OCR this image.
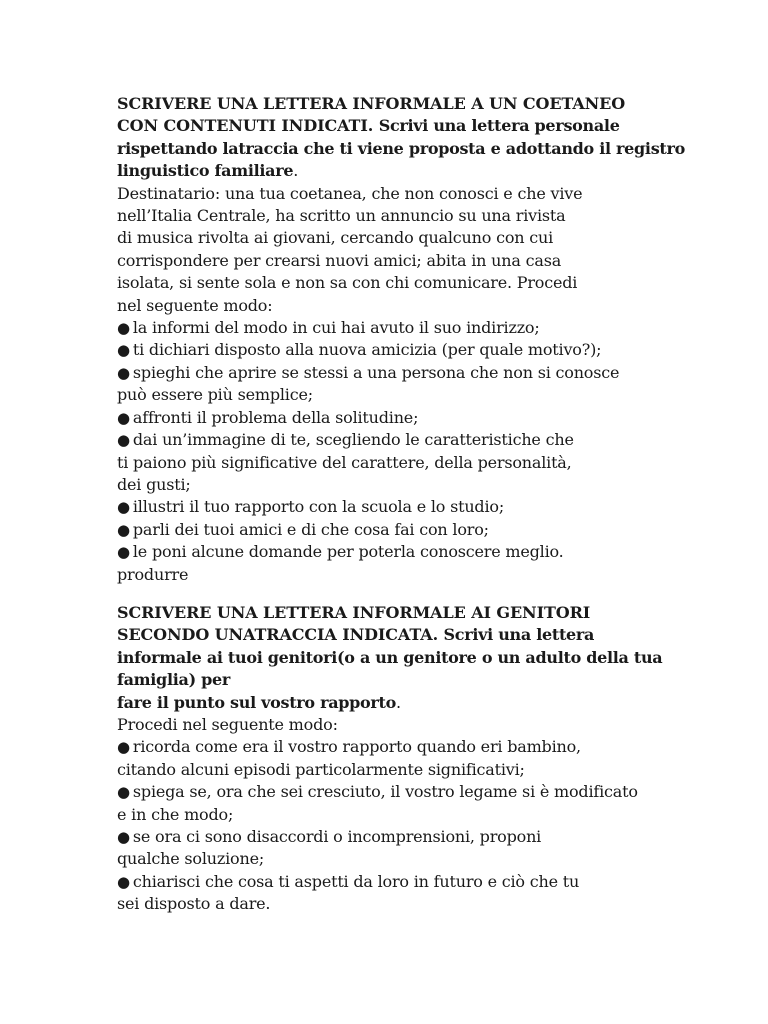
SCRIVERE UNA LETTERA INFORMALE A UN COETANEO
CON CONTENUTI INDICATI. Scrivi una lettera personale
rispettando latraccia che ti viene proposta e adottando il registro
linguistico familiare.
Destinatario: una tua coetanea, che non conosci e che vive
nell’Italia Centrale, ha scritto un annuncio su una rivista
di musica rivolta ai giovani, cercando qualcuno con cui
corrispondere per crearsi nuovi amici; abita in una casa
isolata, si sente sola e non sa con chi comunicare. Procedi
nel seguente modo:
● la informi del modo in cui hai avuto il suo indirizzo;
● ti dichiari disposto alla nuova amicizia (per quale motivo?);
● spieghi che aprire se stessi a una persona che non si conosce
può essere più semplice;
● affronti il problema della solitudine;
● dai un’immagine di te, scegliendo le caratteristiche che
ti paiono più significative del carattere, della personalità,
dei gusti;
● illustri il tuo rapporto con la scuola e lo studio;
● parli dei tuoi amici e di che cosa fai con loro;
● le poni alcune domande per poterla conoscere meglio.
produrre
SCRIVERE UNA LETTERA INFORMALE AI GENITORI
SECONDO UNATRACCIA INDICATA. Scrivi una lettera
informale ai tuoi genitori(o a un genitore o un adulto della tua
famiglia) per
fare il punto sul vostro rapporto.
Procedi nel seguente modo:
● ricorda come era il vostro rapporto quando eri bambino,
citando alcuni episodi particolarmente significativi;
● spiega se, ora che sei cresciuto, il vostro legame si è modificato
e in che modo;
● se ora ci sono disaccordi o incomprensioni, proponi
qualche soluzione;
● chiarisci che cosa ti aspetti da loro in futuro e ciò che tu
sei disposto a dare.
